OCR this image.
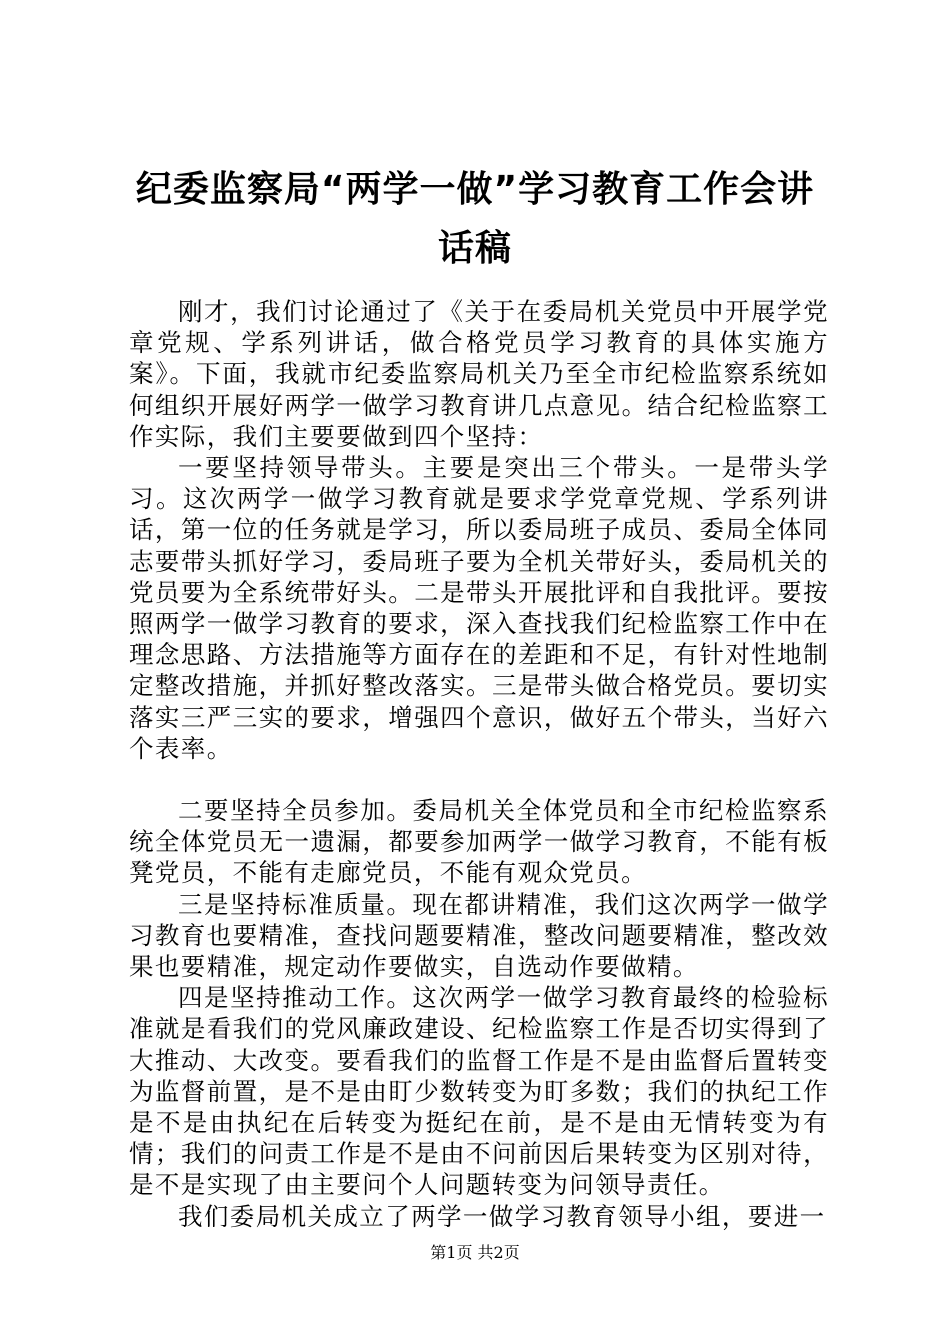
纪委监察局“两学一做”学习教育工作会讲话稿

刚才，我们讨论通过了《关于在委局机关党员中开展学党章党规、学系列讲话，做合格党员学习教育的具体实施方案》。下面，我就市纪委监察局机关乃至全市纪检监察系统如何组织开展好两学一做学习教育讲几点意见。结合纪检监察工作实际，我们主要要做到四个坚持：

一要坚持领导带头。主要是突出三个带头。一是带头学习。这次两学一做学习教育就是要求学党章党规、学系列讲话，第一位的任务就是学习，所以委局班子成员、委局全体同志要带头抓好学习，委局班子要为全机关带好头，委局机关的党员要为全系统带好头。二是带头开展批评和自我批评。要按照两学一做学习教育的要求，深入查找我们纪检监察工作中在理念思路、方法措施等方面存在的差距和不足，有针对性地制定整改措施，并抓好整改落实。三是带头做合格党员。要切实落实三严三实的要求，增强四个意识，做好五个带头，当好六个表率。

二要坚持全员参加。委局机关全体党员和全市纪检监察系统全体党员无一遗漏，都要参加两学一做学习教育，不能有板凳党员，不能有走廊党员，不能有观众党员。

三是坚持标准质量。现在都讲精准，我们这次两学一做学习教育也要精准，查找问题要精准，整改问题要精准，整改效果也要精准，规定动作要做实，自选动作要做精。

四是坚持推动工作。这次两学一做学习教育最终的检验标准就是看我们的党风廉政建设、纪检监察工作是否切实得到了大推动、大改变。要看我们的监督工作是不是由监督后置转变为监督前置，是不是由盯少数转变为盯多数；我们的执纪工作是不是由执纪在后转变为挺纪在前，是不是由无情转变为有情；我们的问责工作是不是由不问前因后果转变为区别对待，是不是实现了由主要问个人问题转变为问领导责任。

我们委局机关成立了两学一做学习教育领导小组，要进一

第1页 共2页
